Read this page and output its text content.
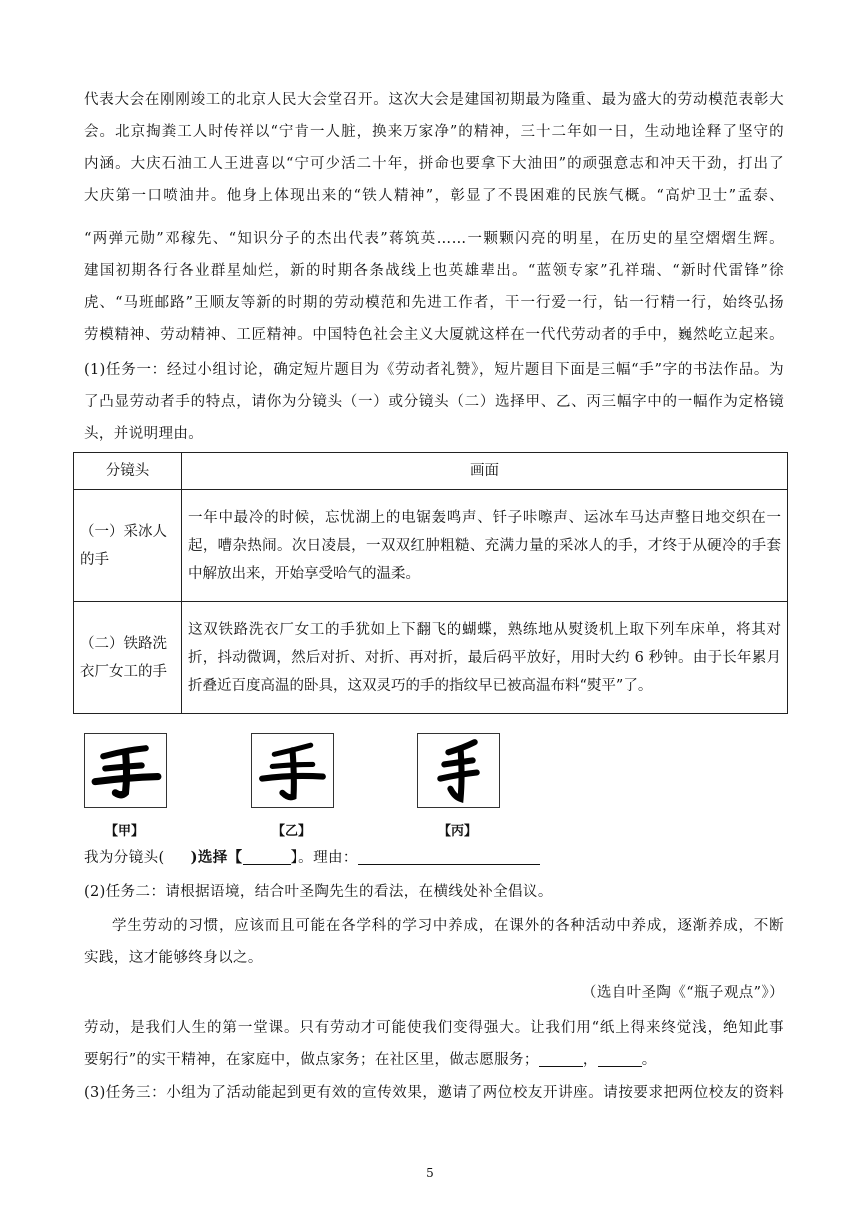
代表大会在刚刚竣工的北京人民大会堂召开。这次大会是建国初期最为隆重、最为盛大的劳动模范表彰大
会。北京掏粪工人时传祥以“宁肯一人脏，换来万家净”的精神，三十二年如一日，生动地诠释了坚守的
内涵。大庆石油工人王进喜以“宁可少活二十年，拼命也要拿下大油田”的顽强意志和冲天干劲，打出了
大庆第一口喷油井。他身上体现出来的“铁人精神”，彰显了不畏困难的民族气概。“高炉卫士”孟泰、
“两弹元勋”邓稼先、“知识分子的杰出代表”蒋筑英……一颗颗闪亮的明星，在历史的星空熠熠生辉。
建国初期各行各业群星灿烂，新的时期各条战线上也英雄辈出。“蓝领专家”孔祥瑞、“新时代雷锋”徐
虎、“马班邮路”王顺友等新的时期的劳动模范和先进工作者，干一行爱一行，钻一行精一行，始终弘扬
劳模精神、劳动精神、工匠精神。中国特色社会主义大厦就这样在一代代劳动者的手中，巍然屹立起来。
(1)任务一：经过小组讨论，确定短片题目为《劳动者礼赞》，短片题目下面是三幅“手”字的书法作品。为
了凸显劳动者手的特点，请你为分镜头（一）或分镜头（二）选择甲、乙、丙三幅字中的一幅作为定格镜
头，并说明理由。
分镜头	画面

（一）采冰人
的手	一年中最冷的时候，忘忧湖上的电锯轰鸣声、钎子咔嚓声、运冰车马达声整日地交织在一起，嘈杂热闹。次日凌晨，一双双红肿粗糙、充满力量的采冰人的手，才终于从硬冷的手套中解放出来，开始享受哈气的温柔。

（二）铁路洗
衣厂女工的手	这双铁路洗衣厂女工的手犹如上下翻飞的蝴蝶，熟练地从熨烫机上取下列车床单，将其对折，抖动微调，然后对折、对折、再对折，最后码平放好，用时大约 6 秒钟。由于长年累月折叠近百度高温的卧具，这双灵巧的手的指纹早已被高温布料“熨平”了。
【甲】	【乙】	【丙】
我为分镜头( )选择【	】。理由：
(2)任务二：请根据语境，结合叶圣陶先生的看法，在横线处补全倡议。
学生劳动的习惯，应该而且可能在各学科的学习中养成，在课外的各种活动中养成，逐渐养成，不断
实践，这才能够终身以之。
（选自叶圣陶《“瓶子观点”》）
劳动，是我们人生的第一堂课。只有劳动才可能使我们变得强大。让我们用“纸上得来终觉浅，绝知此事
要躬行”的实干精神，在家庭中，做点家务；在社区里，做志愿服务；	，	。
(3)任务三：小组为了活动能起到更有效的宣传效果，邀请了两位校友开讲座。请按要求把两位校友的资料
5
